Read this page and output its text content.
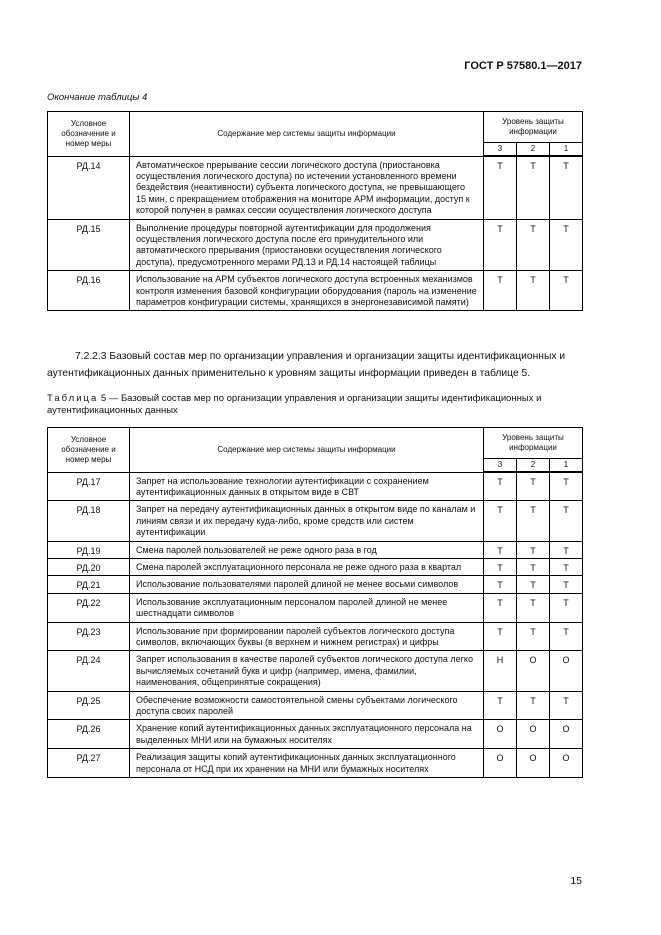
ГОСТ Р 57580.1—2017
Окончание таблицы 4
Условное обозначение и номер меры	Содержание мер системы защиты информации	Уровень защиты информации		
		3	2	1
РД.14	Автоматическое прерывание сессии логического доступа (приостановка осуществления логического доступа) по истечении установленного времени бездействия (неактивности) субъекта логического доступа, не превышающего 15 мин, с прекращением отображения на мониторе АРМ информации, доступ к которой получен в рамках сессии осуществления логического доступа	Т	Т	Т
РД.15	Выполнение процедуры повторной аутентификации для продолжения осуществления логического доступа после его принудительного или автоматического прерывания (приостановки осуществления логического доступа), предусмотренного мерами РД.13 и РД.14 настоящей таблицы	Т	Т	Т
РД.16	Использование на АРМ субъектов логического доступа встроенных механизмов контроля изменения базовой конфигурации оборудования (пароль на изменение параметров конфигурации системы, хранящихся в энергонезависимой памяти)	Т	Т	Т
7.2.2.3 Базовый состав мер по организации управления и организации защиты идентификационных и аутентификационных данных применительно к уровням защиты информации приведен в таблице 5.
Таблица 5 — Базовый состав мер по организации управления и организации защиты идентификационных и аутентификационных данных
Условное обозначение и номер меры	Содержание мер системы защиты информации	Уровень защиты информации		
		3	2	1
РД.17	Запрет на использование технологии аутентификации с сохранением аутентификационных данных в открытом виде в СВТ	Т	Т	Т
РД.18	Запрет на передачу аутентификационных данных в открытом виде по каналам и линиям связи и их передачу куда-либо, кроме средств или систем аутентификации	Т	Т	Т
РД.19	Смена паролей пользователей не реже одного раза в год	Т	Т	Т
РД.20	Смена паролей эксплуатационного персонала не реже одного раза в квартал	Т	Т	Т
РД.21	Использование пользователями паролей длиной не менее восьми символов	Т	Т	Т
РД.22	Использование эксплуатационным персоналом паролей длиной не менее шестнадцати символов	Т	Т	Т
РД.23	Использование при формировании паролей субъектов логического доступа символов, включающих буквы (в верхнем и нижнем регистрах) и цифры	Т	Т	Т
РД.24	Запрет использования в качестве паролей субъектов логического доступа легко вычисляемых сочетаний букв и цифр (например, имена, фамилии, наименования, общепринятые сокращения)	Н	О	О
РД.25	Обеспечение возможности самостоятельной смены субъектами логического доступа своих паролей	Т	Т	Т
РД.26	Хранение копий аутентификационных данных эксплуатационного персонала на выделенных МНИ или на бумажных носителях	О	О	О
РД.27	Реализация защиты копий аутентификационных данных эксплуатационного персонала от НСД при их хранении на МНИ или бумажных носителях	О	О	О
15
